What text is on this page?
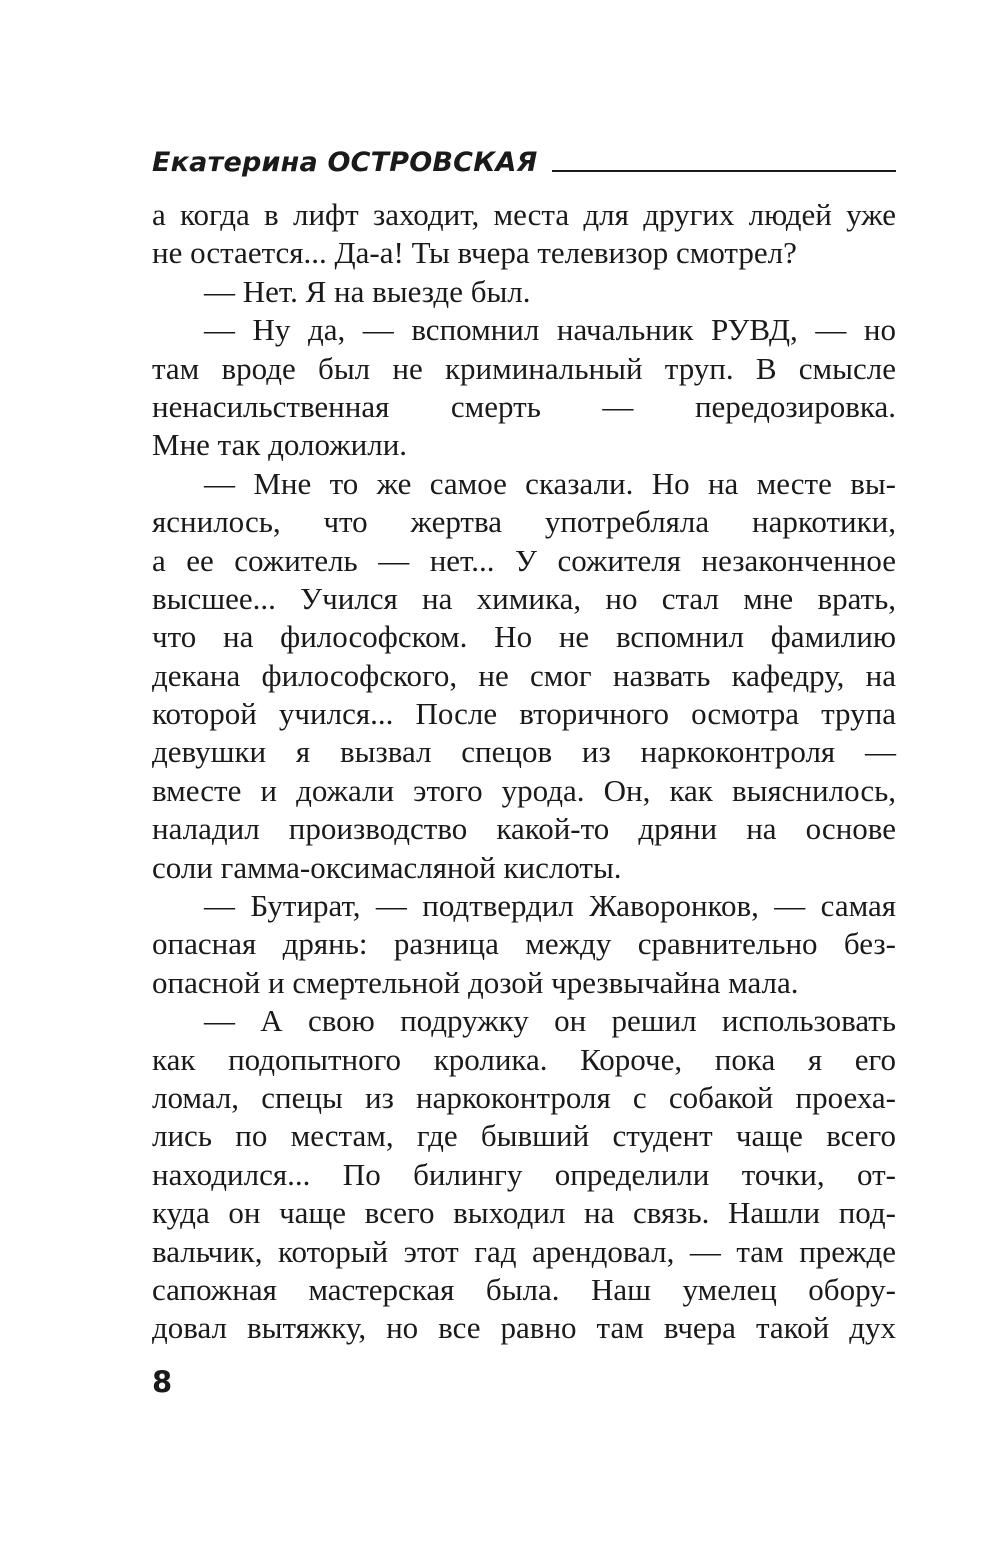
Екатерина ОСТРОВСКАЯ
а когда в лифт заходит, места для других людей уже
не остается... Да-а! Ты вчера телевизор смотрел?
— Нет. Я на выезде был.
— Ну да, — вспомнил начальник РУВД, — но
там вроде был не криминальный труп. В смысле
ненасильственная смерть — передозировка.
Мне так доложили.
— Мне то же самое сказали. Но на месте вы-
яснилось, что жертва употребляла наркотики,
а ее сожитель — нет... У сожителя незаконченное
высшее... Учился на химика, но стал мне врать,
что на философском. Но не вспомнил фамилию
декана философского, не смог назвать кафедру, на
которой учился... После вторичного осмотра трупа
девушки я вызвал спецов из наркоконтроля —
вместе и дожали этого урода. Он, как выяснилось,
наладил производство какой-то дряни на основе
соли гамма-оксимасляной кислоты.
— Бутират, — подтвердил Жаворонков, — самая
опасная дрянь: разница между сравнительно без-
опасной и смертельной дозой чрезвычайна мала.
— А свою подружку он решил использовать
как подопытного кролика. Короче, пока я его
ломал, спецы из наркоконтроля с собакой проеха-
лись по местам, где бывший студент чаще всего
находился... По билингу определили точки, от-
куда он чаще всего выходил на связь. Нашли под-
вальчик, который этот гад арендовал, — там прежде
сапожная мастерская была. Наш умелец обору-
довал вытяжку, но все равно там вчера такой дух
8
